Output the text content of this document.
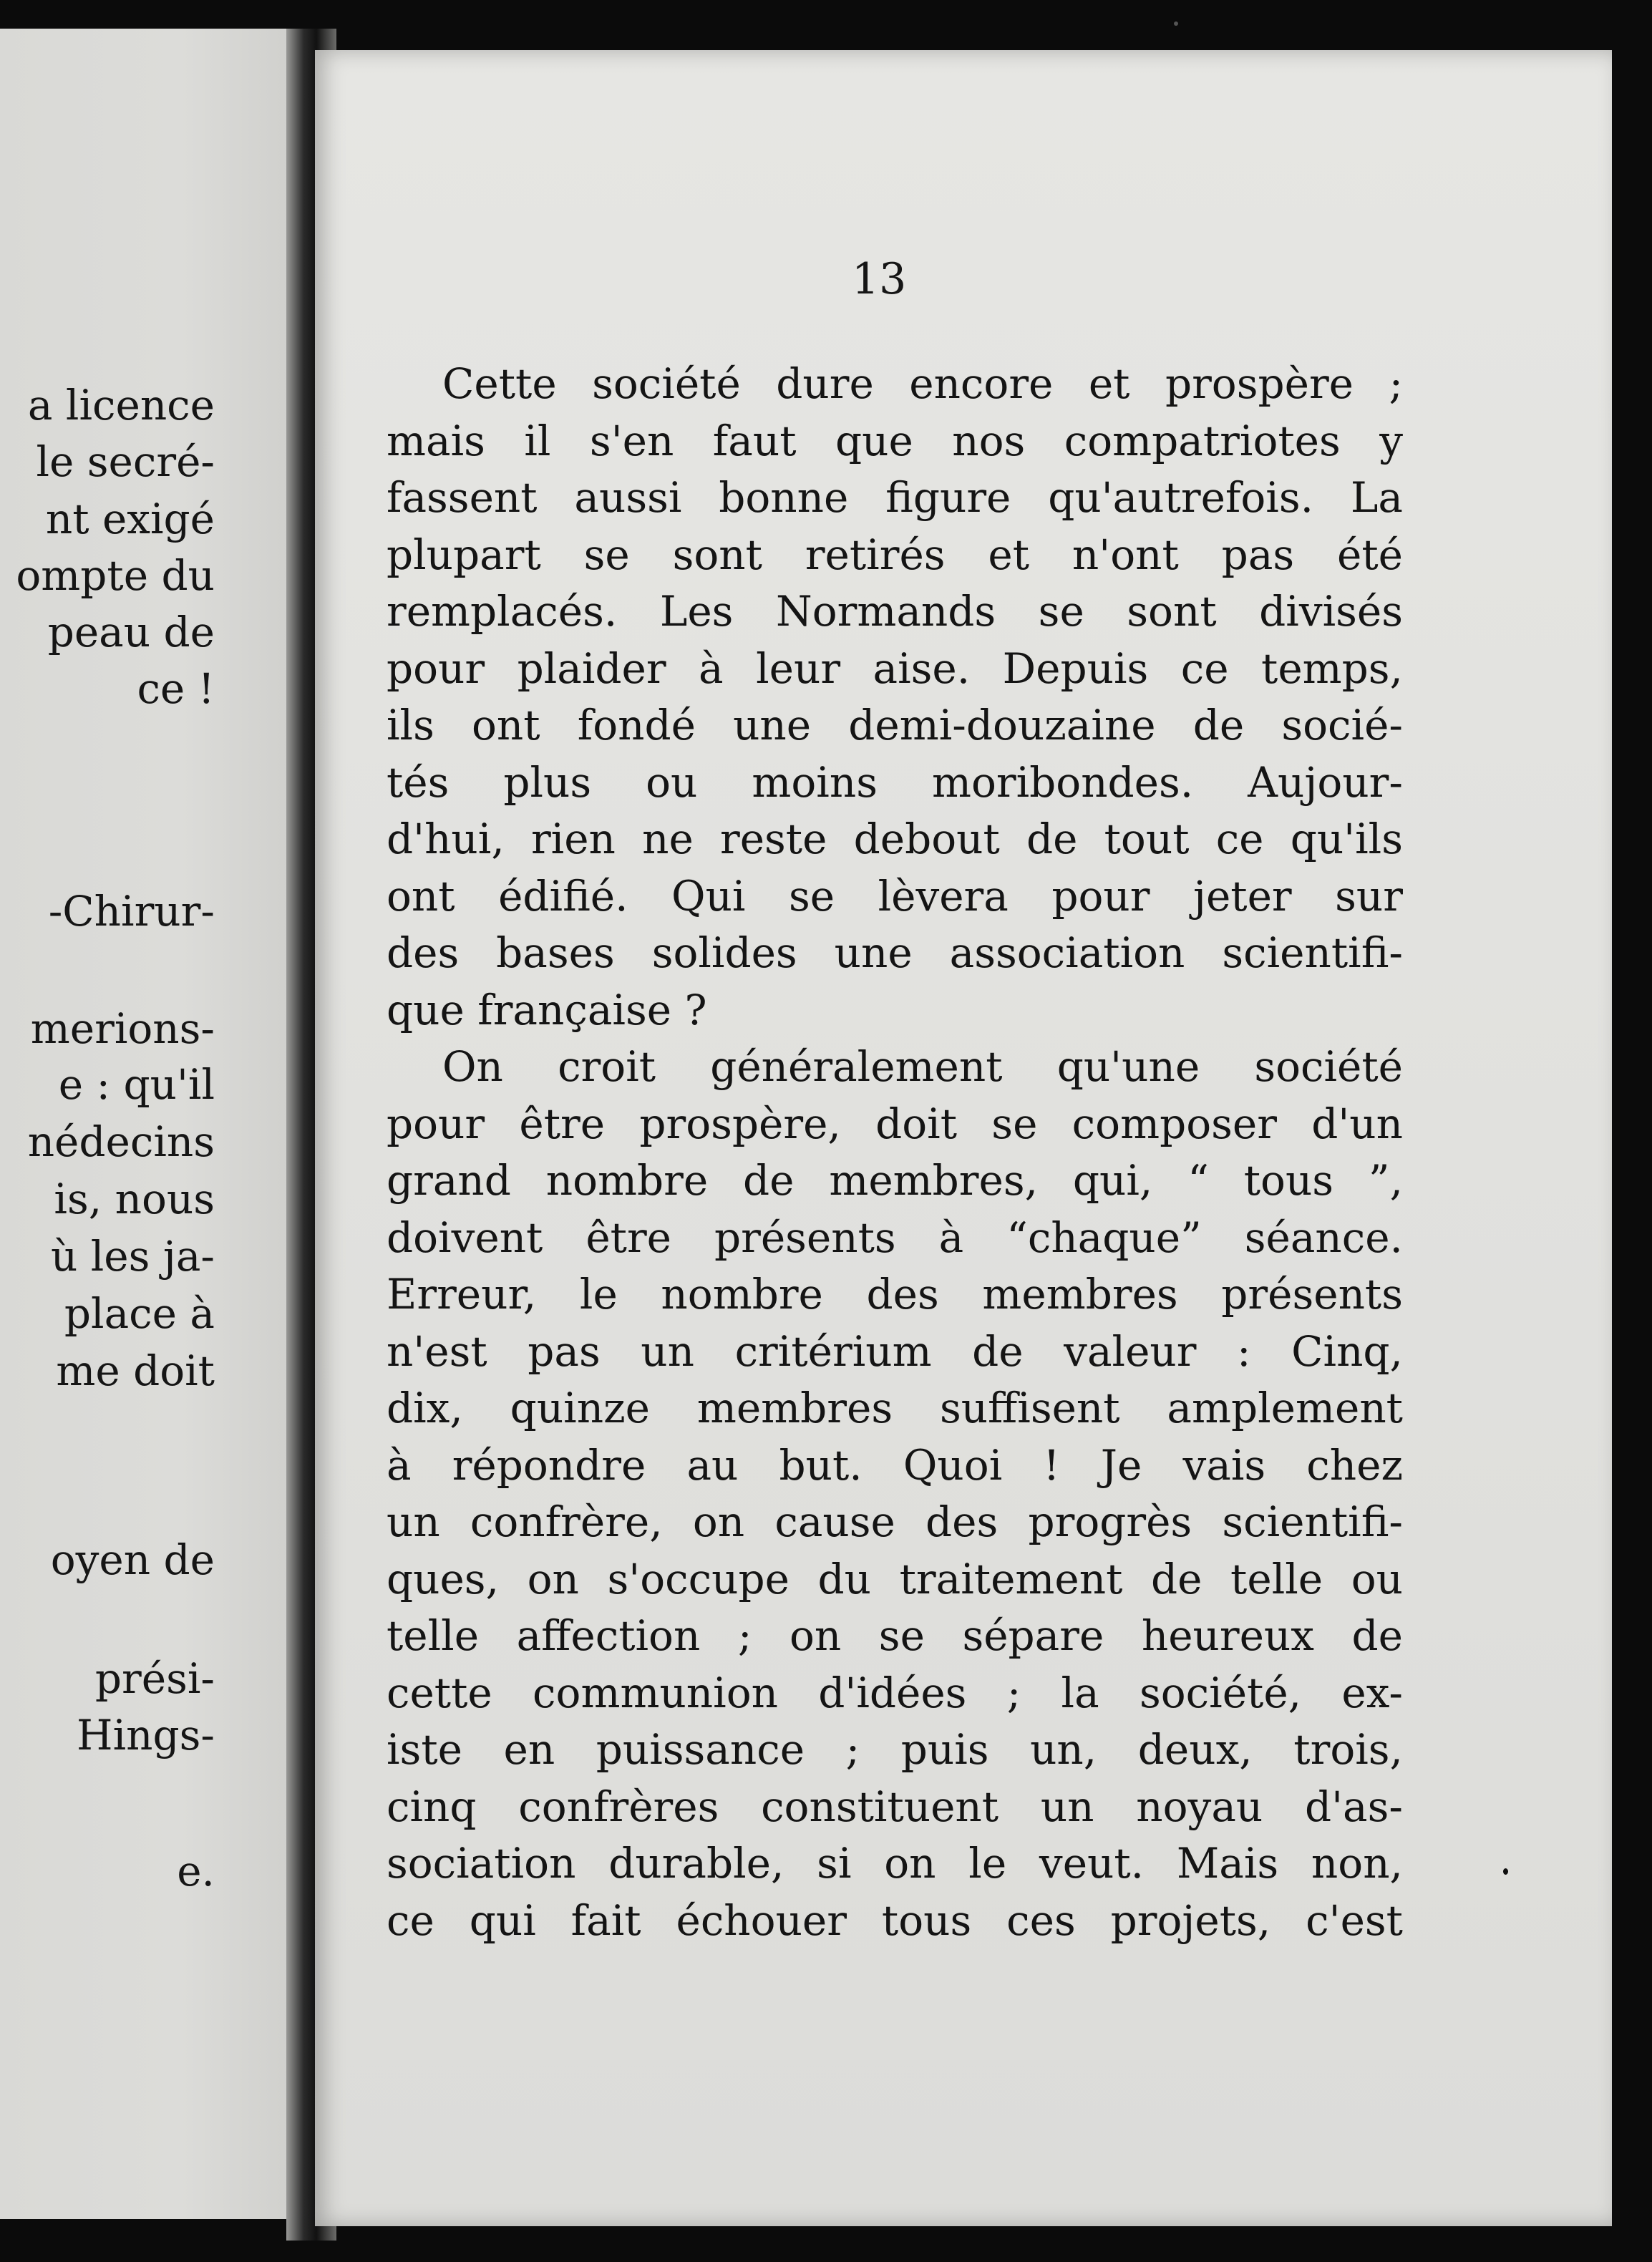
a licence
le secré-
nt exigé
ompte du
peau de
ce !
-Chirur-
merions-
e : qu'il
nédecins
is, nous
ù les ja-
place à
me doit
oyen de
prési-
Hings-
e.
13
Cette société dure encore et prospère ;
mais il s'en faut que nos compatriotes y
fassent aussi bonne figure qu'autrefois. La
plupart se sont retirés et n'ont pas été
remplacés. Les Normands se sont divisés
pour plaider à leur aise. Depuis ce temps,
ils ont fondé une demi-douzaine de socié-
tés plus ou moins moribondes. Aujour-
d'hui, rien ne reste debout de tout ce qu'ils
ont édifié. Qui se lèvera pour jeter sur
des bases solides une association scientifi-
que française ?
On croit généralement qu'une société
pour être prospère, doit se composer d'un
grand nombre de membres, qui, “ tous ”,
doivent être présents à “chaque” séance.
Erreur, le nombre des membres présents
n'est pas un critérium de valeur : Cinq,
dix, quinze membres suffisent amplement
à répondre au but. Quoi ! Je vais chez
un confrère, on cause des progrès scientifi-
ques, on s'occupe du traitement de telle ou
telle affection ; on se sépare heureux de
cette communion d'idées ; la société, ex-
iste en puissance ; puis un, deux, trois,
cinq confrères constituent un noyau d'as-
sociation durable, si on le veut. Mais non,
ce qui fait échouer tous ces projets, c'est
